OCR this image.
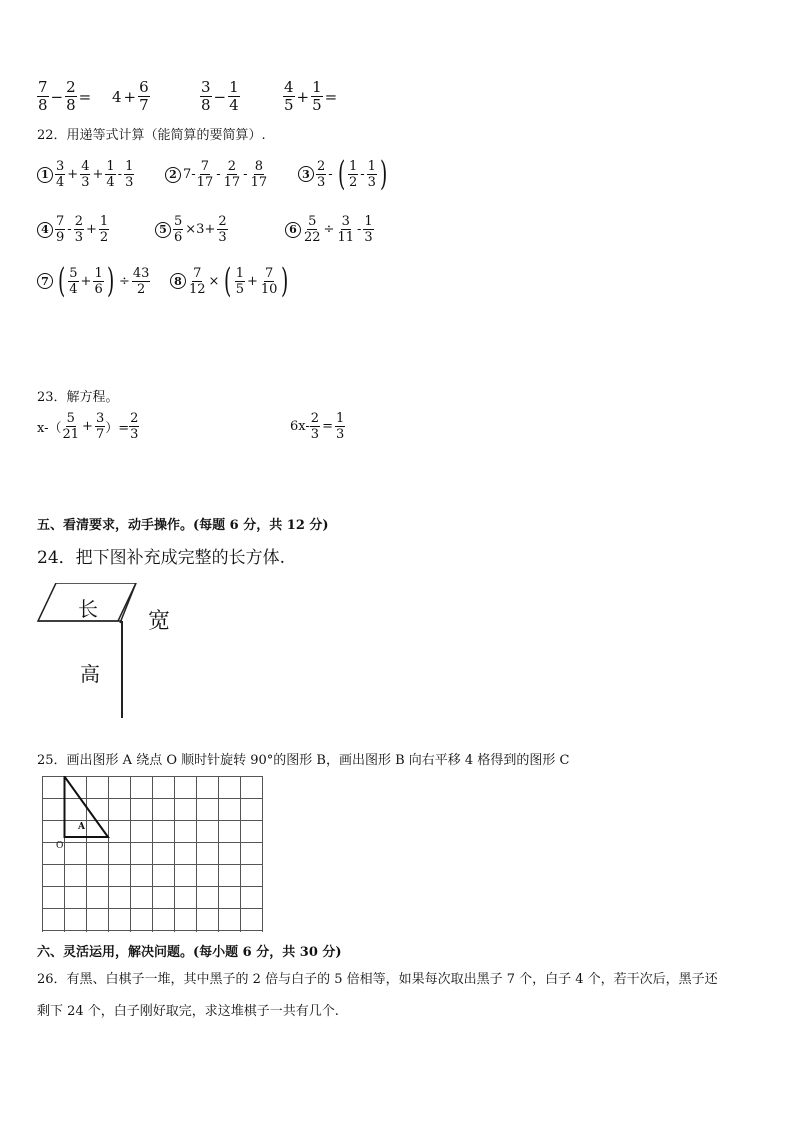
$\frac{7}{8} - \frac{2}{8} = 4 + \frac{6}{7}$	$\frac{3}{8} - \frac{1}{4}$	$\frac{4}{5} + \frac{1}{5}$ =
22．用递等式计算（能简算的要简算）.
$1 \frac{3}{4} + \frac{4}{3} + \frac{1}{4} - \frac{1}{3}$	2 $7- \frac{7}{17} - \frac{2}{17} - \frac{8}{17}$	$3 \frac{2}{3}$ - ( $\frac{1}{2} - \frac{1}{3}$ )
$4 \frac{7}{9} - \frac{2}{3} + \frac{1}{2}$	$5 \frac{5}{6} \times 3+ \frac{2}{3}$	$6 \frac{5}{22} \div \frac{3}{11} - \frac{1}{3}$
7 ( $\frac{5}{4} + \frac{1}{6}$ ) ÷ $\frac{43}{2}$	$8 \frac{7}{12}$ × ( $\frac{1}{5} + \frac{7}{10}$ )
23．解方程。
$x-( \frac{5}{21} + \frac{3}{7}$ ）= $\frac{2}{3}$	$6x- \frac{2}{3} = \frac{1}{3}$
五、看清要求，动手操作。(每题 6 分，共 12 分)
24．把下图补充成完整的长方体.
长 宽
高
25．画出图形 A 绕点 O 顺时针旋转 90°的图形 B，画出图形 B 向右平移 4 格得到的图形 C
A
O
六、灵活运用，解决问题。(每小题 6 分，共 30 分)
26．有黑、白棋子一堆，其中黑子的 2 倍与白子的 5 倍相等，如果每次取出黑子 7 个，白子 4 个，若干次后，黑子还
剩下 24 个，白子刚好取完，求这堆棋子一共有几个.
